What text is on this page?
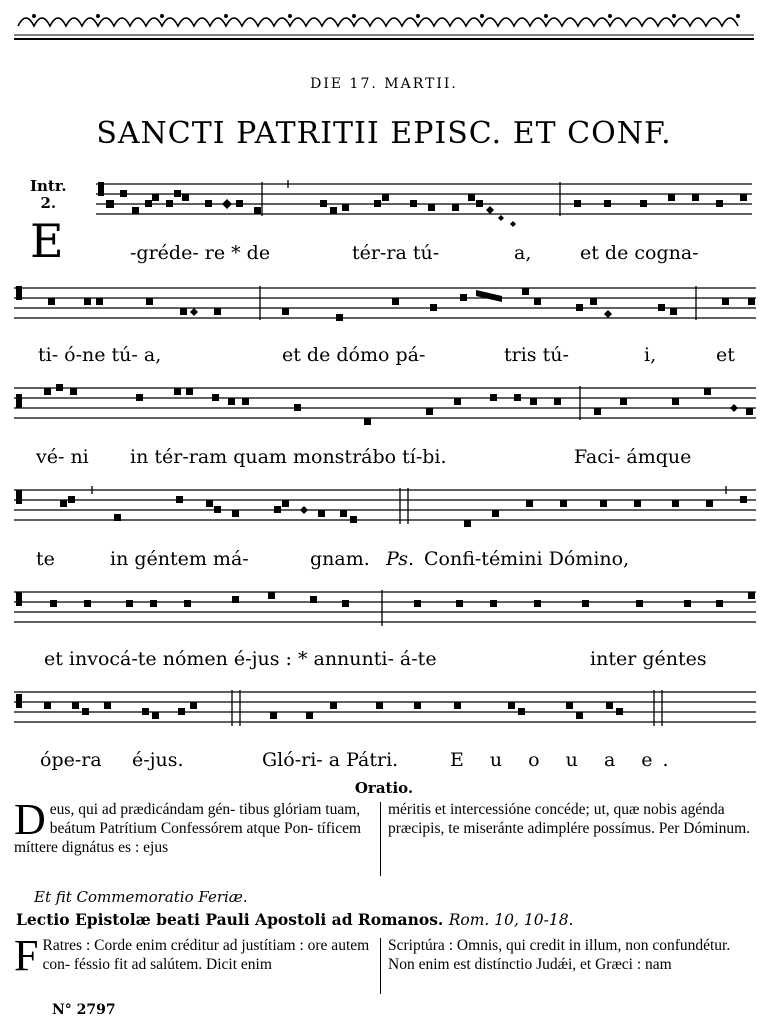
DIE 17. MARTII.
SANCTI PATRITII EPISC. ET CONF.
Intr.
2.
E	-grédе- re * de	tér-ra tú-	a,	et de cogna-
ti- ó-ne tú- a,	et de dómo pá-	tris tú-	i,	et
vé- ni in tér-ram quam monstrábo tí-bi.	Faci- ámque
te	in géntem má-	gnam. Ps. Confi-témini Dómino,
et invocá-te nómen é-jus : * annunti- á-te	inter géntes
ópe-ra é-jus.	Gló-ri- a Pátri.	E u o u a e.
Oratio.

Deus, qui ad prædicándam gén- tibus glóriam tuam, beátum Patrítium Confessórem atque Pon- tíficem míttere dignátus es : ejus

méritis et intercessióne concéde; ut, quæ nobis agénda præcipis, te miseránte adimplére possímus. Per Dóminum.

Et fit Commemoratio Feriæ.
Lectio Epistolæ beati Pauli Apostoli ad Romanos. Rom. 10, 10-18.

F Ratres : Corde enim créditur ad justítiam : ore autem con- féssio fit ad salútem. Dicit enim

Scriptúra : Omnis, qui credit in illum, non confundétur. Non enim est distínctio Judǽi, et Græci : nam

N° 2797
